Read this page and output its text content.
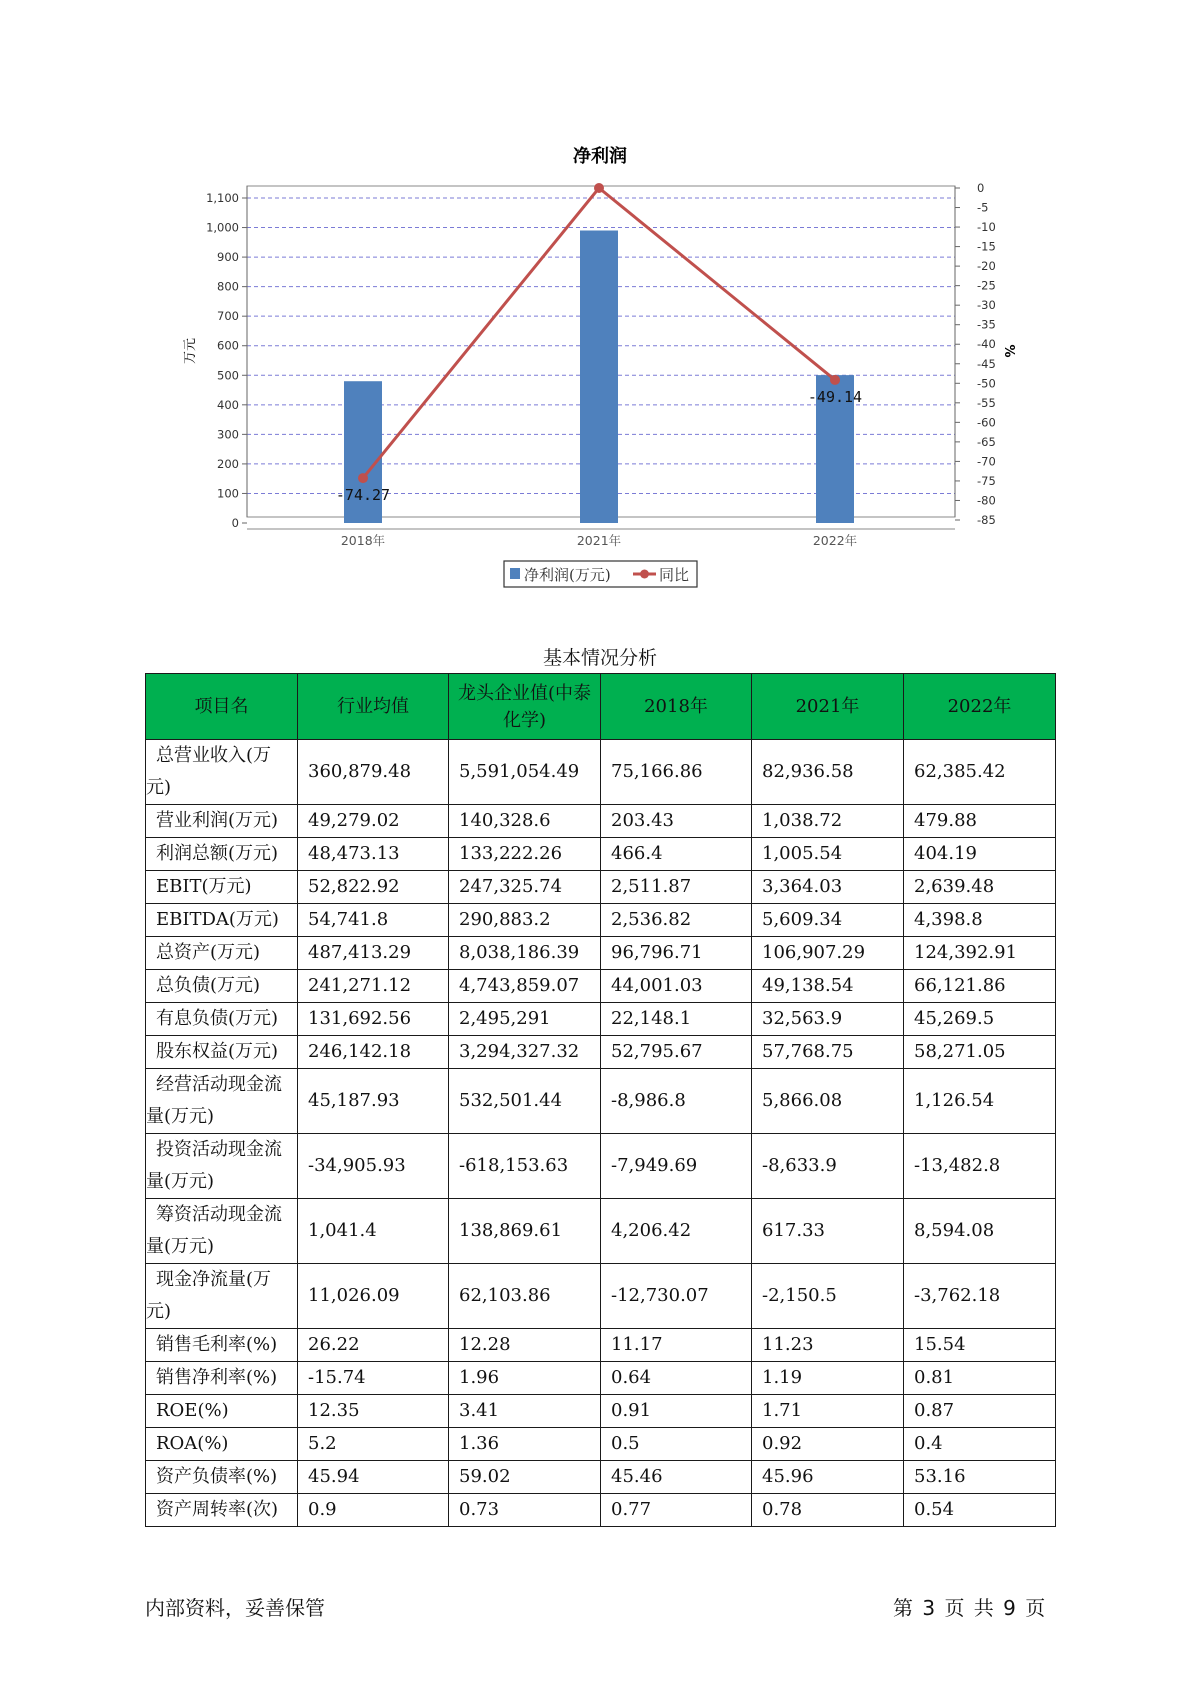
净利润
0
100
200
300
400
500
600
700
800
900
1,000
1,100
0
-5
-10
-15
-20
-25
-30
-35
-40
-45
-50
-55
-60
-65
-70
-75
-80
-85
万元	%
2018年	2021年	2022年
-74.27
-49.14
净利润(万元)	同比
基本情况分析
项目名	行业均值	龙头企业值(中泰化学)	2018年	2021年	2022年

总营业收入(万元)	360,879.48	5,591,054.49	75,166.86	82,936.58	62,385.42

营业利润(万元)	49,279.02	140,328.6	203.43	1,038.72	479.88

利润总额(万元)	48,473.13	133,222.26	466.4	1,005.54	404.19

EBIT(万元)	52,822.92	247,325.74	2,511.87	3,364.03	2,639.48

EBITDA(万元)	54,741.8	290,883.2	2,536.82	5,609.34	4,398.8

总资产(万元)	487,413.29	8,038,186.39	96,796.71	106,907.29	124,392.91

总负债(万元)	241,271.12	4,743,859.07	44,001.03	49,138.54	66,121.86

有息负债(万元)	131,692.56	2,495,291	22,148.1	32,563.9	45,269.5

股东权益(万元)	246,142.18	3,294,327.32	52,795.67	57,768.75	58,271.05

经营活动现金流量(万元)	45,187.93	532,501.44	-8,986.8	5,866.08	1,126.54

投资活动现金流量(万元)	-34,905.93	-618,153.63	-7,949.69	-8,633.9	-13,482.8

筹资活动现金流量(万元)	1,041.4	138,869.61	4,206.42	617.33	8,594.08

现金净流量(万元)	11,026.09	62,103.86	-12,730.07	-2,150.5	-3,762.18

销售毛利率(%)	26.22	12.28	11.17	11.23	15.54

销售净利率(%)	-15.74	1.96	0.64	1.19	0.81

ROE(%)	12.35	3.41	0.91	1.71	0.87

ROA(%)	5.2	1.36	0.5	0.92	0.4

资产负债率(%)	45.94	59.02	45.46	45.96	53.16

资产周转率(次)	0.9	0.73	0.77	0.78	0.54
内部资料，妥善保管	第 3 页 共 9 页
